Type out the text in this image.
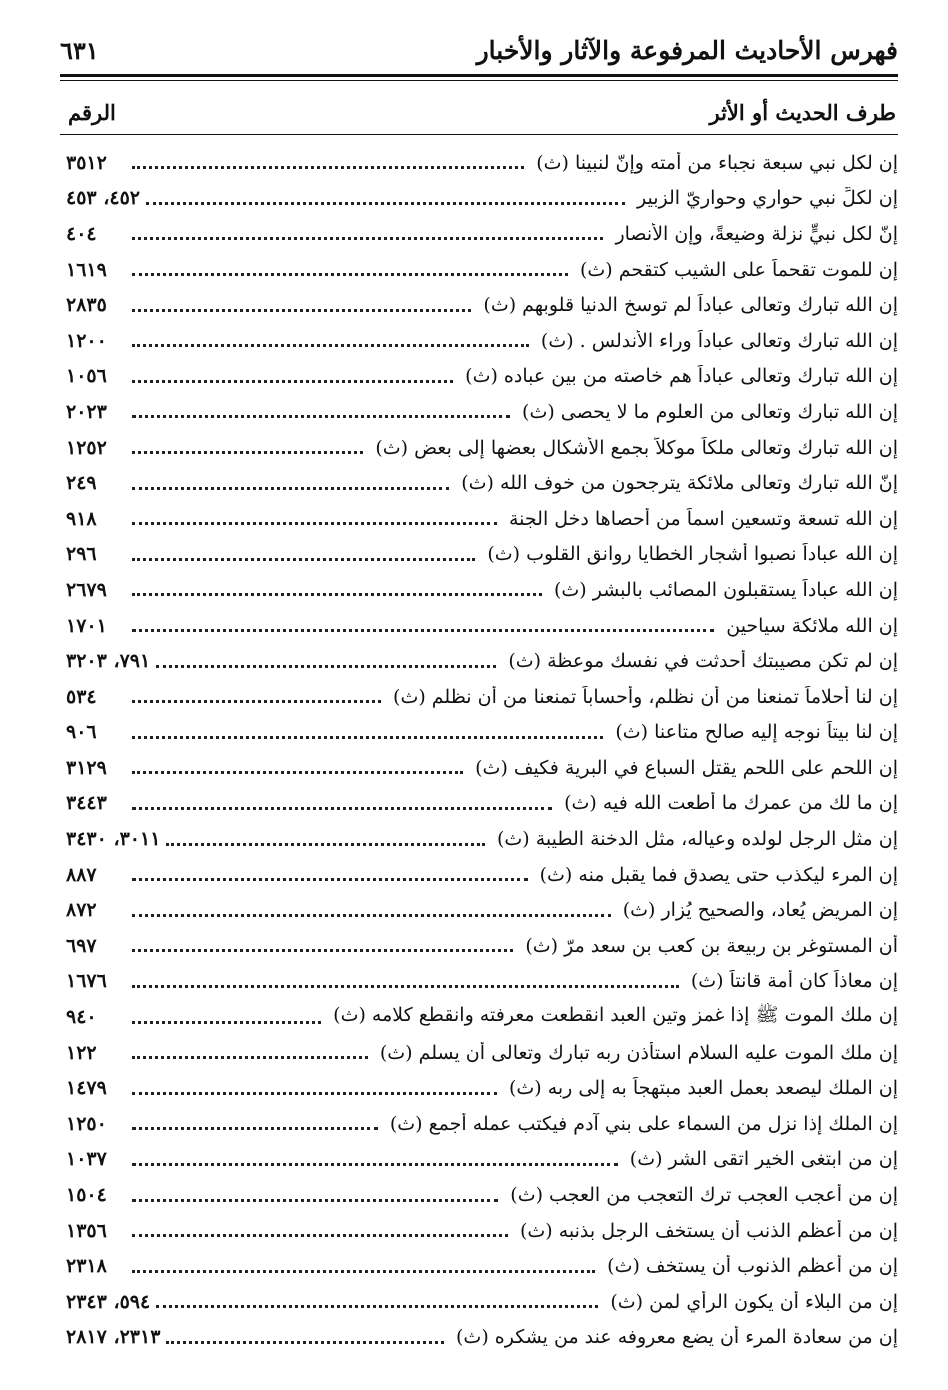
٦٣١	فهرس الأحاديث المرفوعة والآثار والأخبار
الرقم	طرف الحديث أو الأثر
إن لكل نبي سبعة نجباء من أمته وإنّ لنبينا (ث)
٣٥١٢
إن لكلِّ نبي حواري وحواريّ الزبير
٤٥٢، ٤٥٣
إنّ لكل نبيٍّ نزلة وضيعةً، وإن الأنصار
٤٠٤
إن للموت تقحماً على الشيب كتقحم (ث)
١٦١٩
إن الله تبارك وتعالى عباداً لم توسخ الدنيا قلوبهم (ث)
٢٨٣٥
إن الله تبارك وتعالى عباداً وراء الأندلس . (ث)
١٢٠٠
إن الله تبارك وتعالى عباداً هم خاصته من بين عباده (ث)
١٠٥٦
إن الله تبارك وتعالى من العلوم ما لا يحصى (ث)
٢٠٢٣
إن الله تبارك وتعالى ملكاً موكلاً بجمع الأشكال بعضها إلى بعض (ث)
١٢٥٢
إنّ الله تبارك وتعالى ملائكة يترجحون من خوف الله (ث)
٢٤٩
إن الله تسعة وتسعين اسماً من أحصاها دخل الجنة
٩١٨
إن الله عباداً نصبوا أشجار الخطايا روانق القلوب (ث)
٢٩٦
إن الله عباداً يستقبلون المصائب بالبشر (ث)
٢٦٧٩
إن الله ملائكة سياحين
١٧٠١
إن لم تكن مصيبتك أحدثت في نفسك موعظة (ث)
٧٩١، ٣٢٠٣
إن لنا أحلاماً تمنعنا من أن نظلم، وأحساباً تمنعنا من أن نظلم (ث)
٥٣٤
إن لنا بيتاً نوجه إليه صالح متاعنا (ث)
٩٠٦
إن اللحم على اللحم يقتل السباع في البرية فكيف (ث)
٣١٢٩
إن ما لك من عمرك ما أطعت الله فيه (ث)
٣٤٤٣
إن مثل الرجل لولده وعياله، مثل الدخنة الطيبة (ث)
٣٠١١، ٣٤٣٠
إن المرء ليكذب حتى يصدق فما يقبل منه (ث)
٨٨٧
إن المريض يُعاد، والصحيح يُزار (ث)
٨٧٢
أن المستوغر بن ربيعة بن كعب بن سعد مرّ (ث)
٦٩٧
إن معاذاً كان أمة قانتاً (ث)
١٦٧٦
إن ملك الموت ﷺ إذا غمز وتين العبد انقطعت معرفته وانقطع كلامه (ث)
٩٤٠
إن ملك الموت عليه السلام استأذن ربه تبارك وتعالى أن يسلم (ث)
١٢٢
إن الملك ليصعد بعمل العبد مبتهجاً به إلى ربه (ث)
١٤٧٩
إن الملك إذا نزل من السماء على بني آدم فيكتب عمله أجمع (ث)
١٢٥٠
إن من ابتغى الخير اتقى الشر (ث)
١٠٣٧
إن من أعجب العجب ترك التعجب من العجب (ث)
١٥٠٤
إن من أعظم الذنب أن يستخف الرجل بذنبه (ث)
١٣٥٦
إن من أعظم الذنوب أن يستخف (ث)
٢٣١٨
إن من البلاء أن يكون الرأي لمن (ث)
٥٩٤، ٢٣٤٣
إن من سعادة المرء أن يضع معروفه عند من يشكره (ث)
٢٣١٣، ٢٨١٧
